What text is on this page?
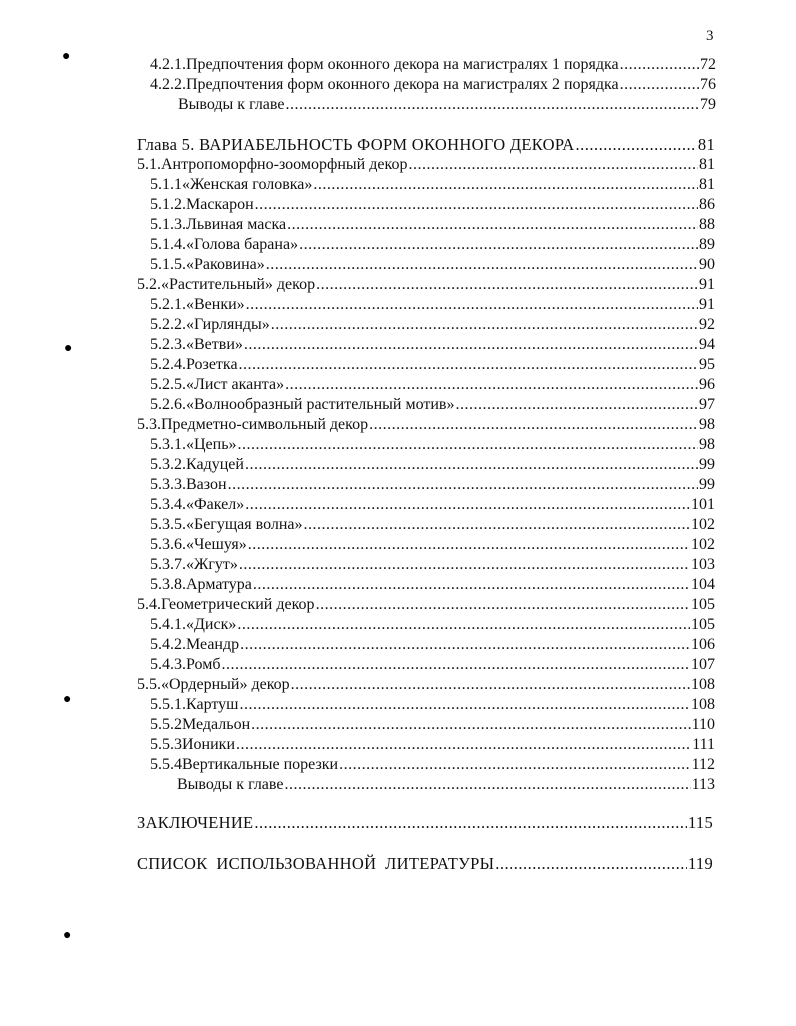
3
●
●
●
●
4.2.1. Предпочтения форм оконного декора на магистралях 1 порядка .....	72
4.2.2. Предпочтения форм оконного декора на магистралях 2 порядка .....	76
Выводы к главе .....	79
Глава 5. ВАРИАБЕЛЬНОСТЬ ФОРМ ОКОННОГО ДЕКОРА .....	81
5.1. Антропоморфно-зооморфный декор .....	81
5.1.1 «Женская головка» .....	81
5.1.2. Маскарон .....	86
5.1.3. Львиная маска .....	88
5.1.4. «Голова барана» .....	89
5.1.5. «Раковина» .....	90
5.2. «Растительный» декор .....	91
5.2.1. «Венки» .....	91
5.2.2. «Гирлянды» .....	92
5.2.3. «Ветви» .....	94
5.2.4. Розетка .....	95
5.2.5. «Лист аканта» .....	96
5.2.6. «Волнообразный растительный мотив» .....	97
5.3. Предметно-символьный декор .....	98
5.3.1. «Цепь» .....	98
5.3.2. Кадуцей .....	99
5.3.3. Вазон .....	99
5.3.4. «Факел» .....	101
5.3.5. «Бегущая волна» .....	102
5.3.6. «Чешуя» .....	102
5.3.7. «Жгут» .....	103
5.3.8. Арматура .....	104
5.4. Геометрический декор .....	105
5.4.1. «Диск» .....	105
5.4.2. Меандр .....	106
5.4.3. Ромб .....	107
5.5. «Ордерный» декор .....	108
5.5.1. Картуш .....	108
5.5.2 Медальон .....	110
5.5.3 Ионики .....	111
5.5.4 Вертикальные порезки .....	112
Выводы к главе .....	113
ЗАКЛЮЧЕНИЕ .....	115
СПИСОК  ИСПОЛЬЗОВАННОЙ  ЛИТЕРАТУРЫ .....	119
